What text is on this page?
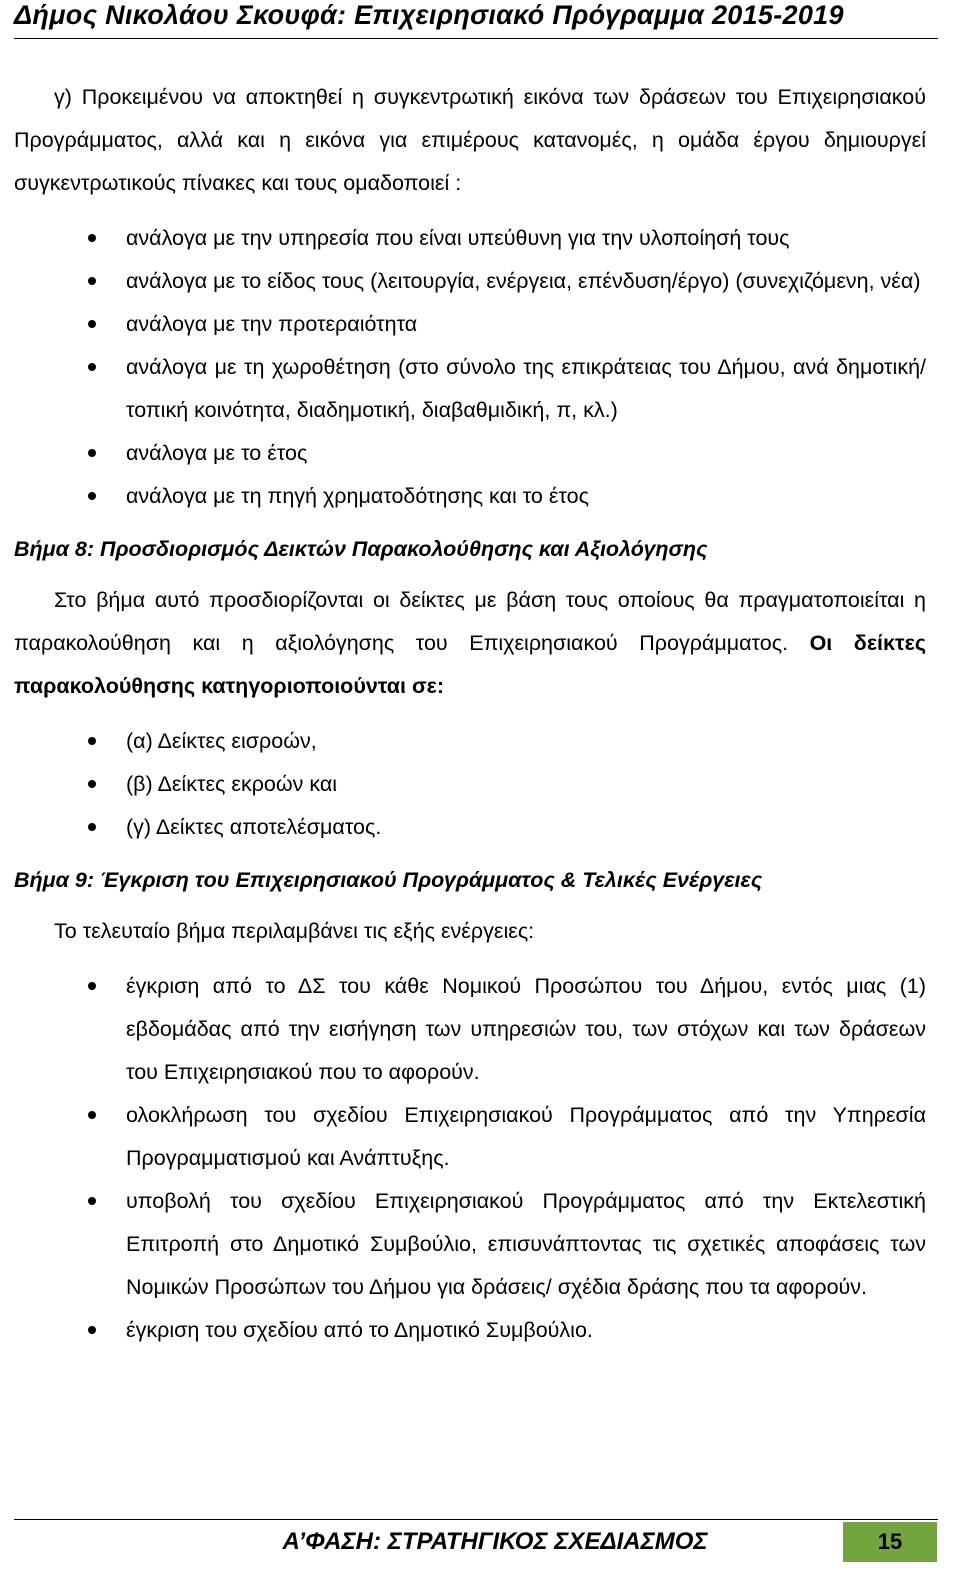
Δήμος Νικολάου Σκουφά: Επιχειρησιακό Πρόγραμμα 2015-2019

γ) Προκειμένου να αποκτηθεί η συγκεντρωτική εικόνα των δράσεων του Επιχειρησιακού Προγράμματος, αλλά και η εικόνα για επιμέρους κατανομές, η ομάδα έργου δημιουργεί συγκεντρωτικούς πίνακες και τους ομαδοποιεί :

ανάλογα με την υπηρεσία που είναι υπεύθυνη για την υλοποίησή τους
ανάλογα με το είδος τους (λειτουργία, ενέργεια, επένδυση/έργο) (συνεχιζόμενη, νέα)
ανάλογα με την προτεραιότητα
ανάλογα με τη χωροθέτηση (στο σύνολο της επικράτειας του Δήμου, ανά δημοτική/τοπική κοινότητα, διαδημοτική, διαβαθμιδική, π, κλ.)
ανάλογα με το έτος
ανάλογα με τη πηγή χρηματοδότησης και το έτος
Βήμα 8: Προσδιορισμός Δεικτών Παρακολούθησης και Αξιολόγησης

Στο βήμα αυτό προσδιορίζονται οι δείκτες με βάση τους οποίους θα πραγματοποιείται η παρακολούθηση και η αξιολόγησης του Επιχειρησιακού Προγράμματος. Οι δείκτες παρακολούθησης κατηγοριοποιούνται σε:

(α) Δείκτες εισροών,
(β) Δείκτες εκροών και
(γ) Δείκτες αποτελέσματος.
Βήμα 9: Έγκριση του Επιχειρησιακού Προγράμματος & Τελικές Ενέργειες

Το τελευταίο βήμα περιλαμβάνει τις εξής ενέργειες:

έγκριση από το ΔΣ του κάθε Νομικού Προσώπου του Δήμου, εντός μιας (1) εβδομάδας από την εισήγηση των υπηρεσιών του, των στόχων και των δράσεων του Επιχειρησιακού που το αφορούν.
ολοκλήρωση του σχεδίου Επιχειρησιακού Προγράμματος από την Υπηρεσία Προγραμματισμού και Ανάπτυξης.
υποβολή του σχεδίου Επιχειρησιακού Προγράμματος από την Εκτελεστική Επιτροπή στο Δημοτικό Συμβούλιο, επισυνάπτοντας τις σχετικές αποφάσεις των Νομικών Προσώπων του Δήμου για δράσεις/ σχέδια δράσης που τα αφορούν.
έγκριση του σχεδίου από το Δημοτικό Συμβούλιο.
Α’ΦΑΣΗ: ΣΤΡΑΤΗΓΙΚΟΣ ΣΧΕΔΙΑΣΜΟΣ	15
